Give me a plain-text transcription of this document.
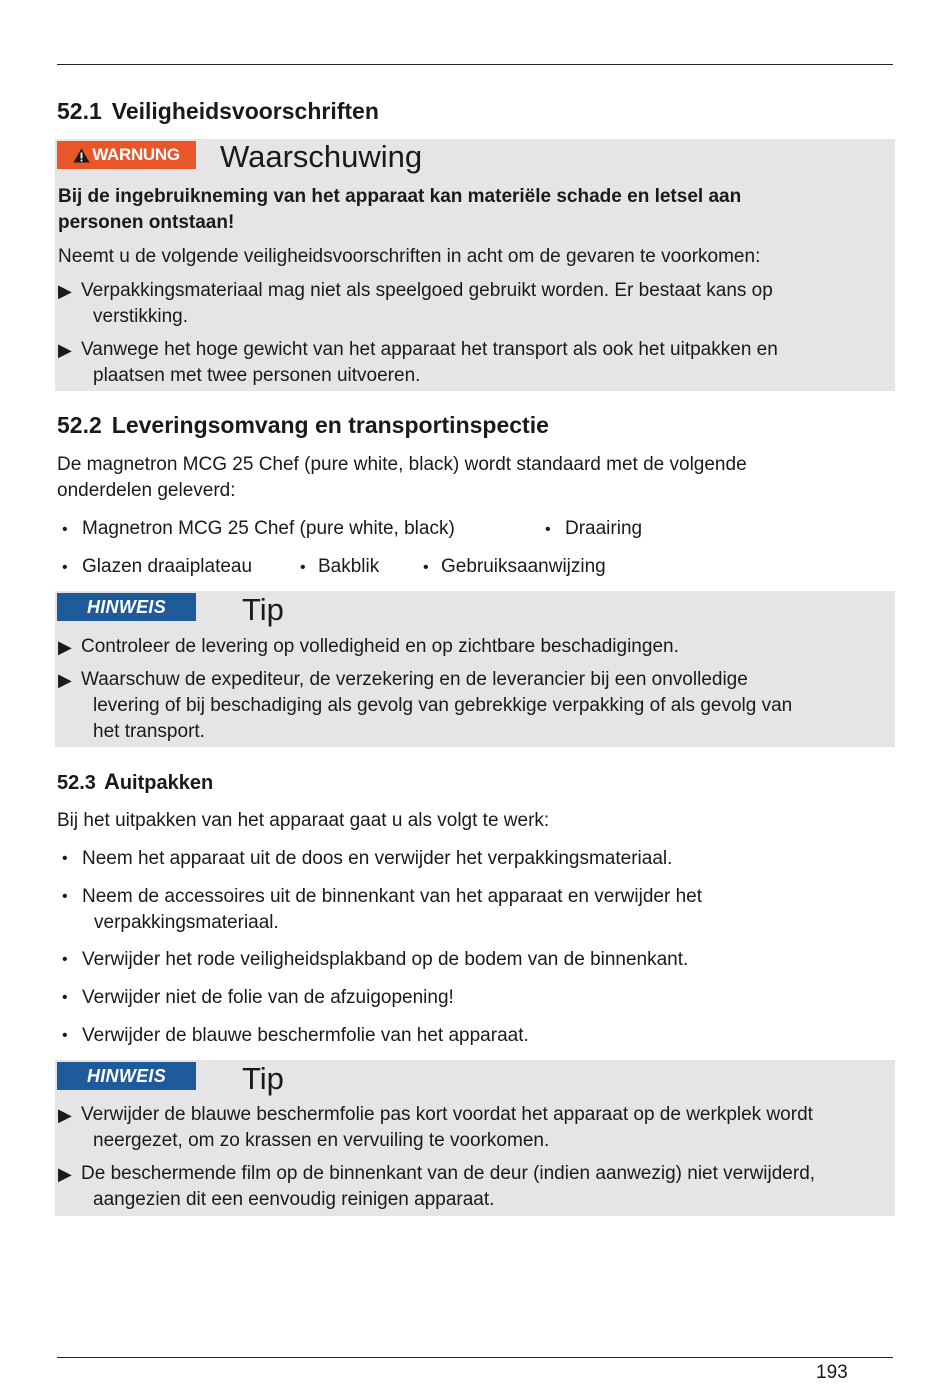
52.1 Veiligheidsvoorschriften
WARNUNG Waarschuwing
Bij de ingebruikneming van het apparaat kan materiële schade en letsel aan
personen ontstaan!
Neemt u de volgende veiligheidsvoorschriften in acht om de gevaren te voorkomen:
▶ Verpakkingsmateriaal mag niet als speelgoed gebruikt worden. Er bestaat kans op
verstikking.
▶ Vanwege het hoge gewicht van het apparaat het transport als ook het uitpakken en
plaatsen met twee personen uitvoeren.
52.2 Leveringsomvang en transportinspectie
De magnetron MCG 25 Chef (pure white, black) wordt standaard met de volgende
onderdelen geleverd:
• Magnetron MCG 25 Chef (pure white, black)	• Draairing
• Glazen draaiplateau	• Bakblik	• Gebruiksaanwijzing
HINWEIS	Tip
▶ Controleer de levering op volledigheid en op zichtbare beschadigingen.
▶ Waarschuw de expediteur, de verzekering en de leverancier bij een onvolledige
levering of bij beschadiging als gevolg van gebrekkige verpakking of als gevolg van
het transport.
52.3 Auitpakken
Bij het uitpakken van het apparaat gaat u als volgt te werk:
• Neem het apparaat uit de doos en verwijder het verpakkingsmateriaal.
• Neem de accessoires uit de binnenkant van het apparaat en verwijder het
verpakkingsmateriaal.
• Verwijder het rode veiligheidsplakband op de bodem van de binnenkant.
• Verwijder niet de folie van de afzuigopening!
• Verwijder de blauwe beschermfolie van het apparaat.
HINWEIS	Tip
▶ Verwijder de blauwe beschermfolie pas kort voordat het apparaat op de werkplek wordt
neergezet, om zo krassen en vervuiling te voorkomen.
▶ De beschermende film op de binnenkant van de deur (indien aanwezig) niet verwijderd,
aangezien dit een eenvoudig reinigen apparaat.
193
